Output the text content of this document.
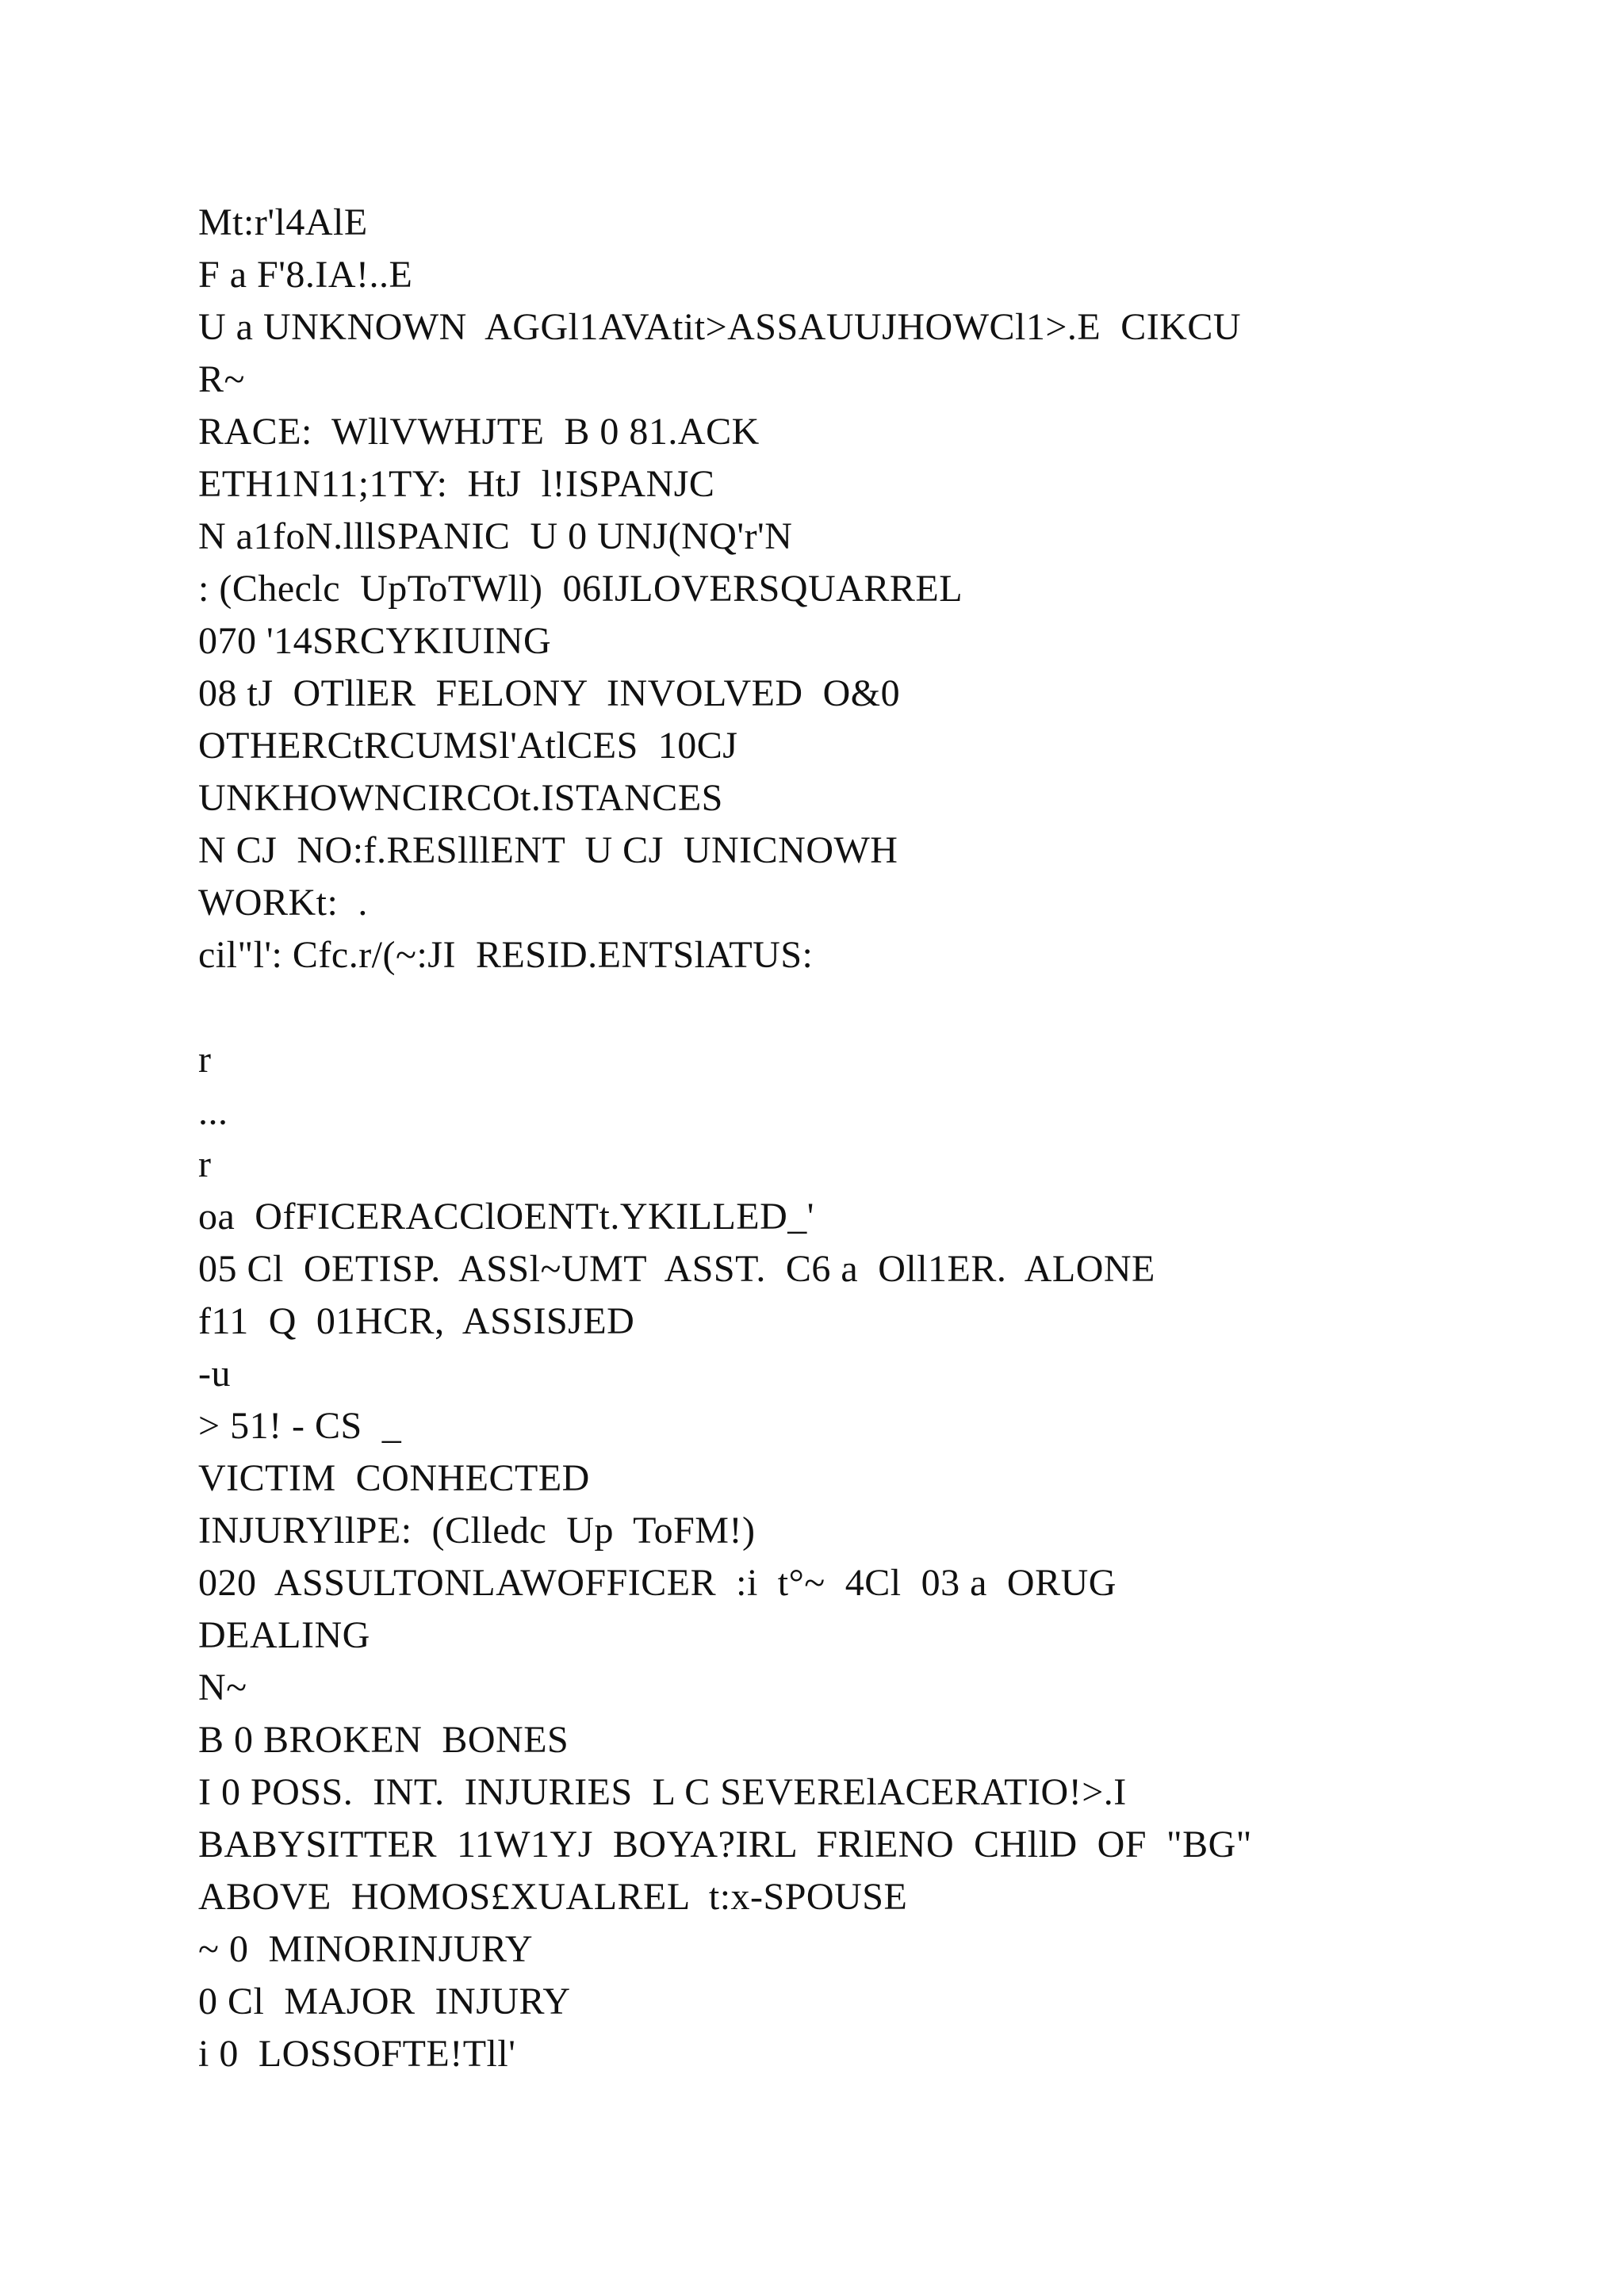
Mt:r'l4AlE
F a F'8.IA!..E
U a UNKNOWN  AGGl1AVAtit>ASSAUUJHOWCl1>.E  CIKCU
R~
RACE:  WllVWHJTE  B 0 81.ACK
ETH1N11;1TY:  HtJ  l!ISPANJC
N a1foN.lllSPANIC  U 0 UNJ(NQ'r'N
: (Checlc  UpToTWll)  06IJLOVERSQUARREL
070 '14SRCYKIUING
08 tJ  OTllER  FELONY  INVOLVED  O&0
OTHERCtRCUMSl'AtlCES  10CJ
UNKHOWNCIRCOt.ISTANCES
N CJ  NO:f.RESlllENT  U CJ  UNICNOWH
WORKt:  .
cil"l': Cfc.r/(~:JI  RESID.ENTSlATUS:
r
...
r
oa  OfFICERACClOENTt.YKILLED_'
05 Cl  OETISP.  ASSl~UMT  ASST.  C6 a  Oll1ER.  ALONE
f11  Q  01HCR,  ASSISJED
-u
> 51! - CS  _
VICTIM  CONHECTED
INJURYllPE:  (Clledc  Up  ToFM!)
020  ASSULTONLAWOFFICER  :i  t°~  4Cl  03 a  ORUG
DEALING
N~
B 0 BROKEN  BONES
I 0 POSS.  INT.  INJURIES  L C SEVERElACERATIO!>.I
BABYSITTER  11W1YJ  BOYA?IRL  FRlENO  CHllD  OF  "BG"
ABOVE  HOMOS£XUALREL  t:x-SPOUSE
~ 0  MINORINJURY
0 Cl  MAJOR  INJURY
i 0  LOSSOFTE!Tll'
